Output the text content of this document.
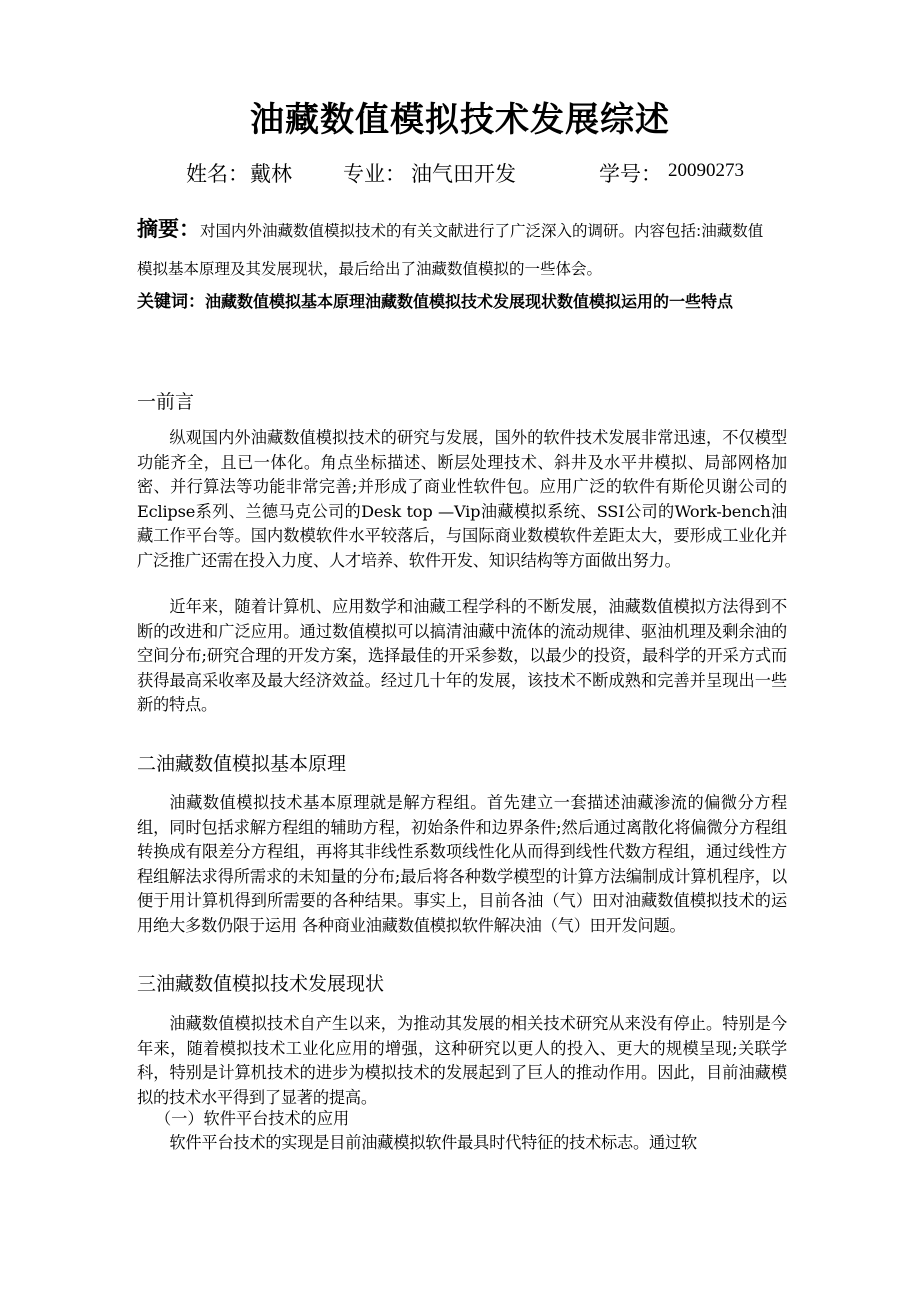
油藏数值模拟技术发展综述
姓名： 戴林 专业： 油气田开发	学号： 20090273
摘要：对国内外油藏数值模拟技术的有关文献进行了广泛深入的调研。内容包括:油藏数值模拟基本原理及其发展现状，最后给出了油藏数值模拟的一些体会。
关键词：油藏数值模拟基本原理油藏数值模拟技术发展现状数值模拟运用的一些特点
一前言
纵观国内外油藏数值模拟技术的研究与发展，国外的软件技术发展非常迅速，不仅模型功能齐全，且已一体化。角点坐标描述、断层处理技术、斜井及水平井模拟、局部网格加密、并行算法等功能非常完善;并形成了商业性软件包。应用广泛的软件有斯伦贝谢公司的Eclipse系列、兰德马克公司的Desk top —Vip油藏模拟系统、SSI公司的Work-bench油藏工作平台等。国内数模软件水平较落后，与国际商业数模软件差距太大，要形成工业化并广泛推广还需在投入力度、人才培养、软件开发、知识结构等方面做出努力。
近年来，随着计算机、应用数学和油藏工程学科的不断发展，油藏数值模拟方法得到不断的改进和广泛应用。通过数值模拟可以搞清油藏中流体的流动规律、驱油机理及剩余油的空间分布;研究合理的开发方案，选择最佳的开采参数，以最少的投资，最科学的开采方式而获得最高采收率及最大经济效益。经过几十年的发展，该技术不断成熟和完善并呈现出一些新的特点。
二油藏数值模拟基本原理
油藏数值模拟技术基本原理就是解方程组。首先建立一套描述油藏渗流的偏微分方程组，同时包括求解方程组的辅助方程，初始条件和边界条件;然后通过离散化将偏微分方程组转换成有限差分方程组，再将其非线性系数项线性化从而得到线性代数方程组，通过线性方程组解法求得所需求的未知量的分布;最后将各种数学模型的计算方法编制成计算机程序，以便于用计算机得到所需要的各种结果。事实上，目前各油（气）田对油藏数值模拟技术的运用绝大多数仍限于运用 各种商业油藏数值模拟软件解决油（气）田开发问题。
三油藏数值模拟技术发展现状
油藏数值模拟技术自产生以来，为推动其发展的相关技术研究从来没有停止。特别是今年来，随着模拟技术工业化应用的增强，这种研究以更人的投入、更大的规模呈现;关联学科，特别是计算机技术的进步为模拟技术的发展起到了巨人的推动作用。因此，目前油藏模拟的技术水平得到了显著的提高。
（一）软件平台技术的应用
软件平台技术的实现是目前油藏模拟软件最具时代特征的技术标志。通过软
